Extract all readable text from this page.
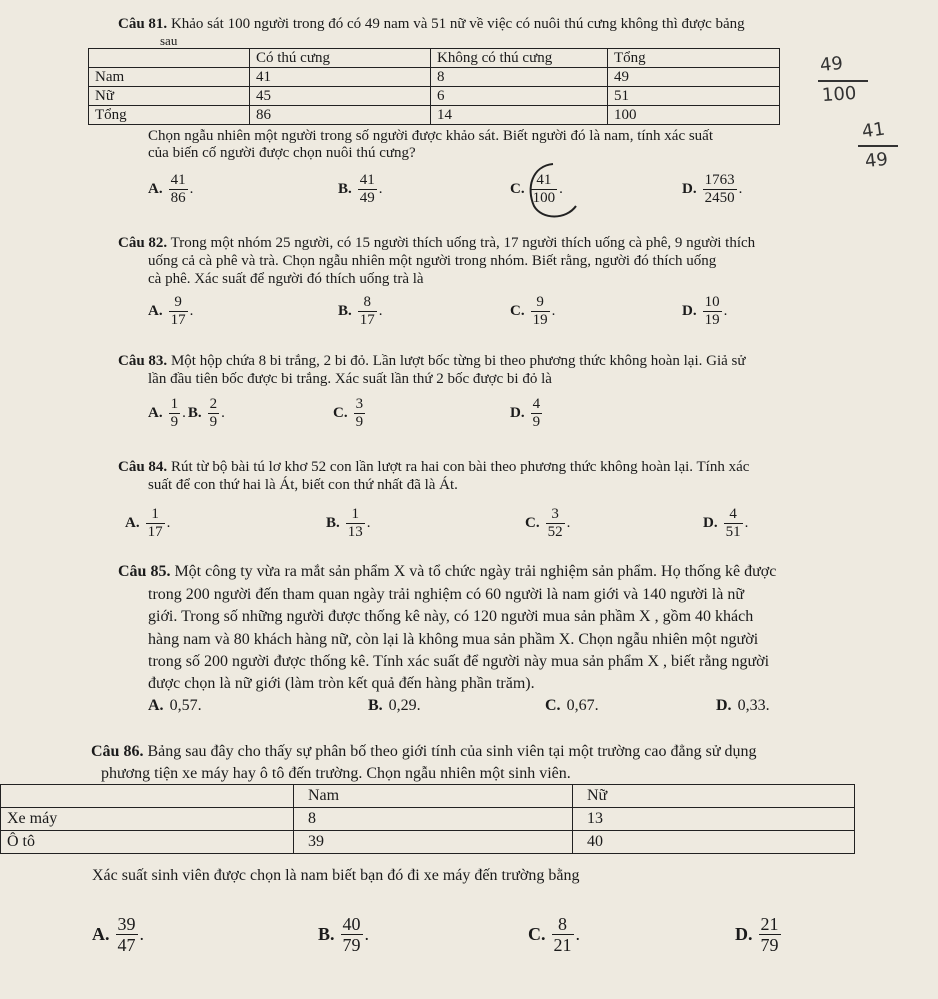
Câu 81. Khảo sát 100 người trong đó có 49 nam và 51 nữ về việc có nuôi thú cưng không thì được bảng
sau
	Có thú cưng	Không có thú cưng	Tổng
Nam	41	8	49
Nữ	45	6	51
Tổng	86	14	100
Chọn ngẫu nhiên một người trong số người được khảo sát. Biết người đó là nam, tính xác suất
của biến cố người được chọn nuôi thú cưng?
A. $\frac{41}{86}$ .	B. $\frac{41}{49}$ .	C. $\frac{41}{100}$ .	D. $\frac{1763}{2450}$ .
49
100
41
49
Câu 82. Trong một nhóm 25 người, có 15 người thích uống trà, 17 người thích uống cà phê, 9 người thích
uống cả cà phê và trà. Chọn ngẫu nhiên một người trong nhóm. Biết rằng, người đó thích uống
cà phê. Xác suất để người đó thích uống trà là
A. $\frac{9}{17}$ .	B. $\frac{8}{17}$ .	C. $\frac{9}{19}$ .	D. $\frac{10}{19}$ .
Câu 83. Một hộp chứa 8 bi trắng, 2 bi đỏ. Lần lượt bốc từng bi theo phương thức không hoàn lại. Giả sử
lần đầu tiên bốc được bi trắng. Xác suất lần thứ 2 bốc được bi đỏ là
A. $\frac{1}{9}$ . B. $\frac{2}{9}$ .	C. $\frac{3}{9}$	D. $\frac{4}{9}$
Câu 84. Rút từ bộ bài tú lơ khơ 52 con lần lượt ra hai con bài theo phương thức không hoàn lại. Tính xác
suất để con thứ hai là Át, biết con thứ nhất đã là Át.
A. $\frac{1}{17}$ .	B. $\frac{1}{13}$ .	C. $\frac{3}{52}$ .	D. $\frac{4}{51}$ .
Câu 85. Một công ty vừa ra mắt sản phẩm X và tổ chức ngày trải nghiệm sản phẩm. Họ thống kê được
trong 200 người đến tham quan ngày trải nghiệm có 60 người là nam giới và 140 người là nữ
giới. Trong số những người được thống kê này, có 120 người mua sản phầm X , gồm 40 khách
hàng nam và 80 khách hàng nữ, còn lại là không mua sản phầm X. Chọn ngẫu nhiên một người
trong số 200 người được thống kê. Tính xác suất để người này mua sản phẩm X , biết rằng người
được chọn là nữ giới (làm tròn kết quả đến hàng phần trăm).
A. 0,57.	B. 0,29.	C. 0,67.	D. 0,33.
Câu 86. Bảng sau đây cho thấy sự phân bố theo giới tính của sinh viên tại một trường cao đẳng sử dụng
phương tiện xe máy hay ô tô đến trường. Chọn ngẫu nhiên một sinh viên.
	Nam	Nữ
Xe máy	8	13
Ô tô	39	40
Xác suất sinh viên được chọn là nam biết bạn đó đi xe máy đến trường bằng
A. $\frac{39}{47}$ .	B. $\frac{40}{79}$ .	C. $\frac{8}{21}$ .	D. $\frac{21}{79}$
